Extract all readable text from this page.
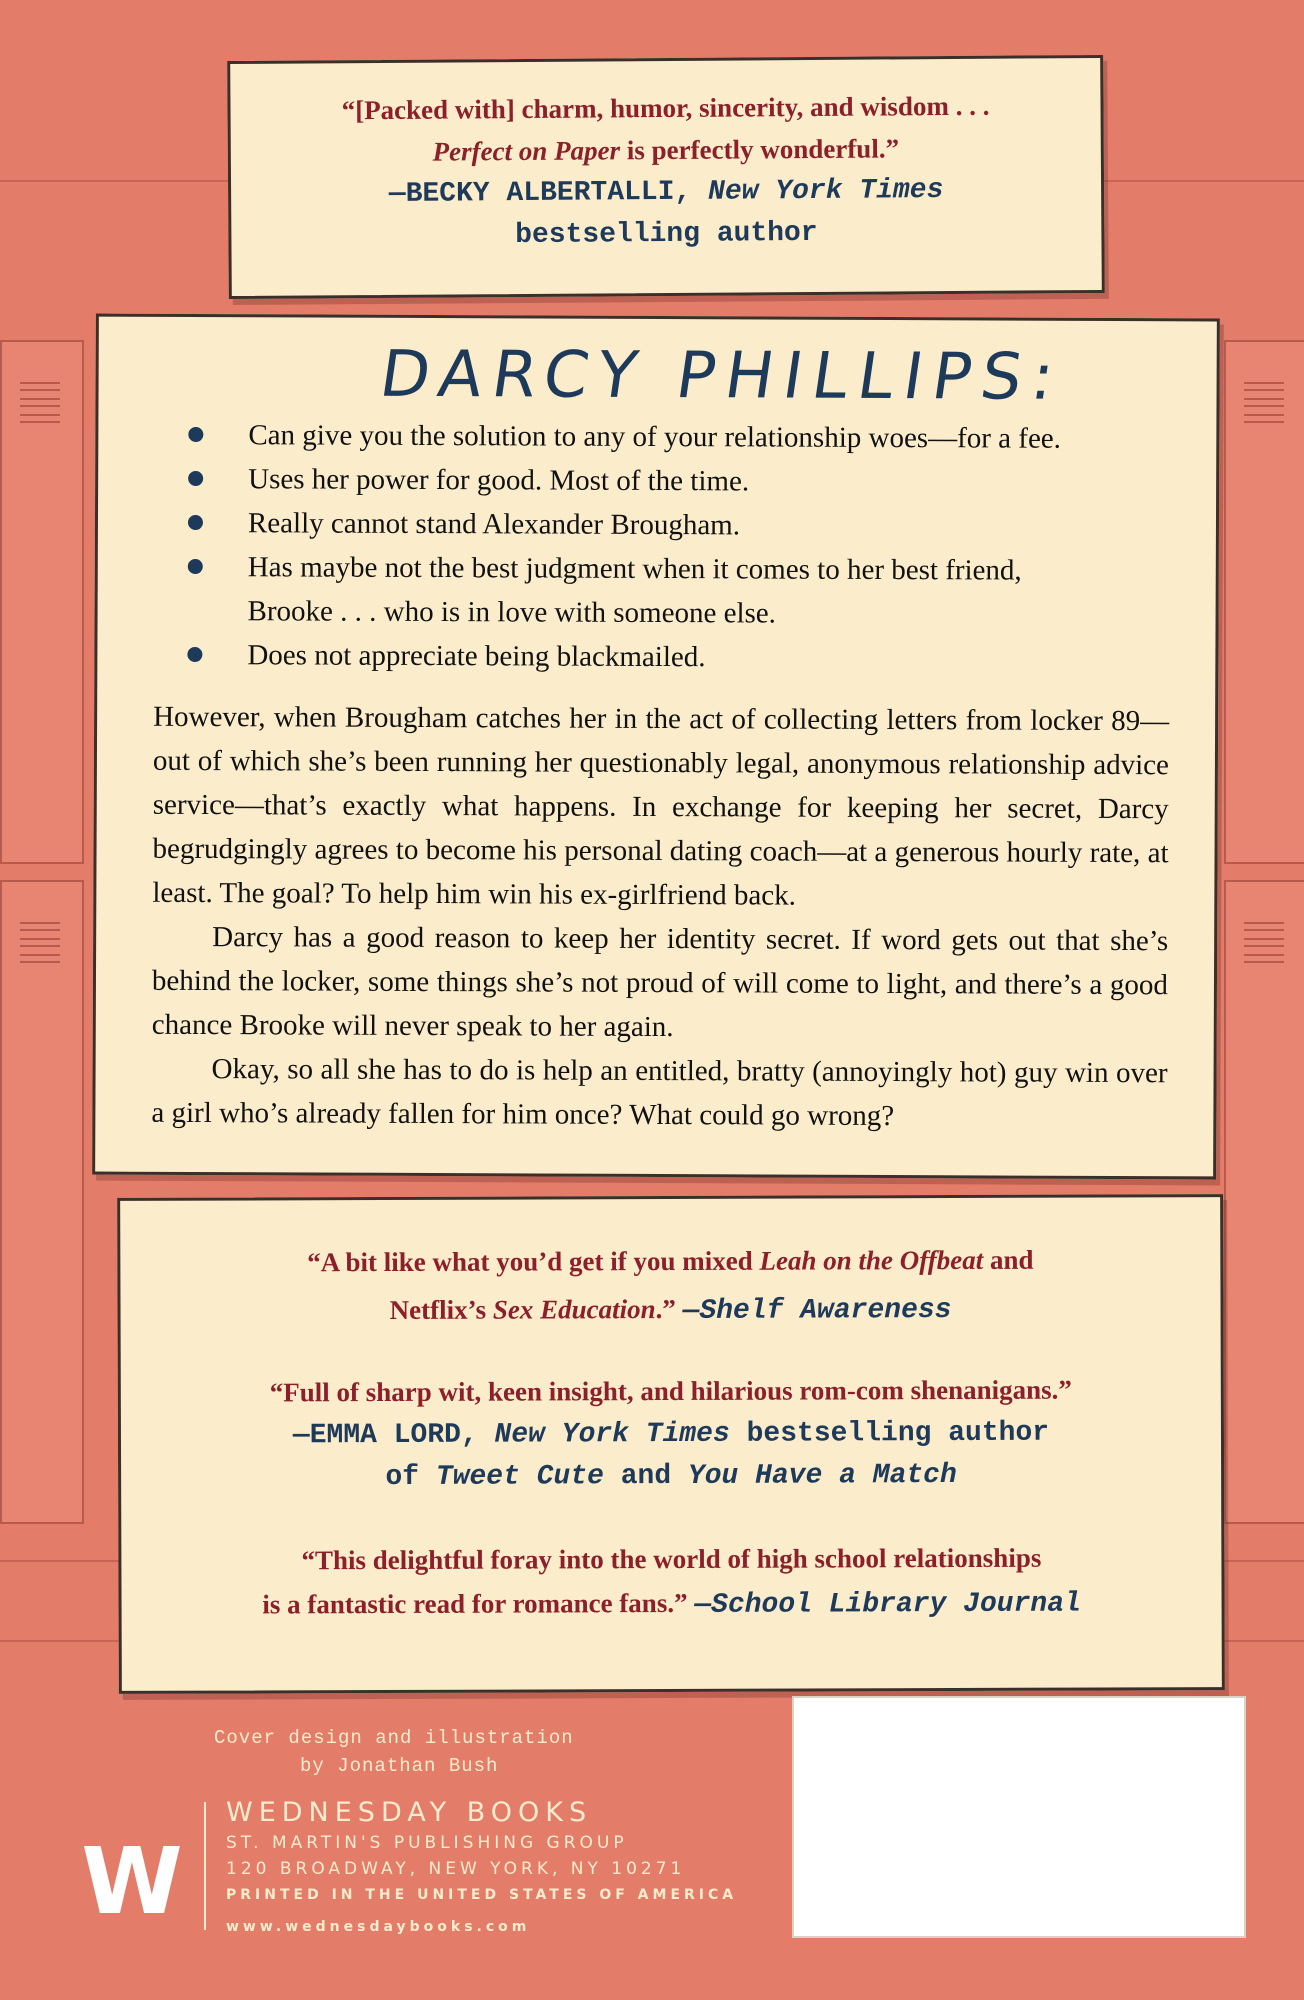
“[Packed with] charm, humor, sincerity, and wisdom . . .
Perfect on Paper is perfectly wonderful.”
—BECKY ALBERTALLI, New York Times
bestselling author
DARCY PHILLIPS:
Can give you the solution to any of your relationship woes—for a fee.
Uses her power for good. Most of the time.
Really cannot stand Alexander Brougham.
Has maybe not the best judgment when it comes to her best friend, Brooke . . . who is in love with someone else.
Does not appreciate being blackmailed.

However, when Brougham catches her in the act of collecting letters from locker 89—out of which she’s been running her questionably legal, anonymous relationship advice service—that’s exactly what happens. In exchange for keeping her secret, Darcy begrudgingly agrees to become his personal dating coach—at a generous hourly rate, at least. The goal? To help him win his ex-girlfriend back.

Darcy has a good reason to keep her identity secret. If word gets out that she’s behind the locker, some things she’s not proud of will come to light, and there’s a good chance Brooke will never speak to her again.

Okay, so all she has to do is help an entitled, bratty (annoyingly hot) guy win over a girl who’s already fallen for him once? What could go wrong?

“A bit like what you’d get if you mixed Leah on the Offbeat and
Netflix’s Sex Education.” —Shelf Awareness
“Full of sharp wit, keen insight, and hilarious rom-com shenanigans.”
—EMMA LORD, New York Times bestselling author
of Tweet Cute and You Have a Match
“This delightful foray into the world of high school relationships
is a fantastic read for romance fans.” —School Library Journal
Cover design and illustration
by Jonathan Bush
W
WEDNESDAY BOOKS
ST. MARTIN'S PUBLISHING GROUP
120 BROADWAY, NEW YORK, NY 10271
PRINTED IN THE UNITED STATES OF AMERICA
www.wednesdaybooks.com
